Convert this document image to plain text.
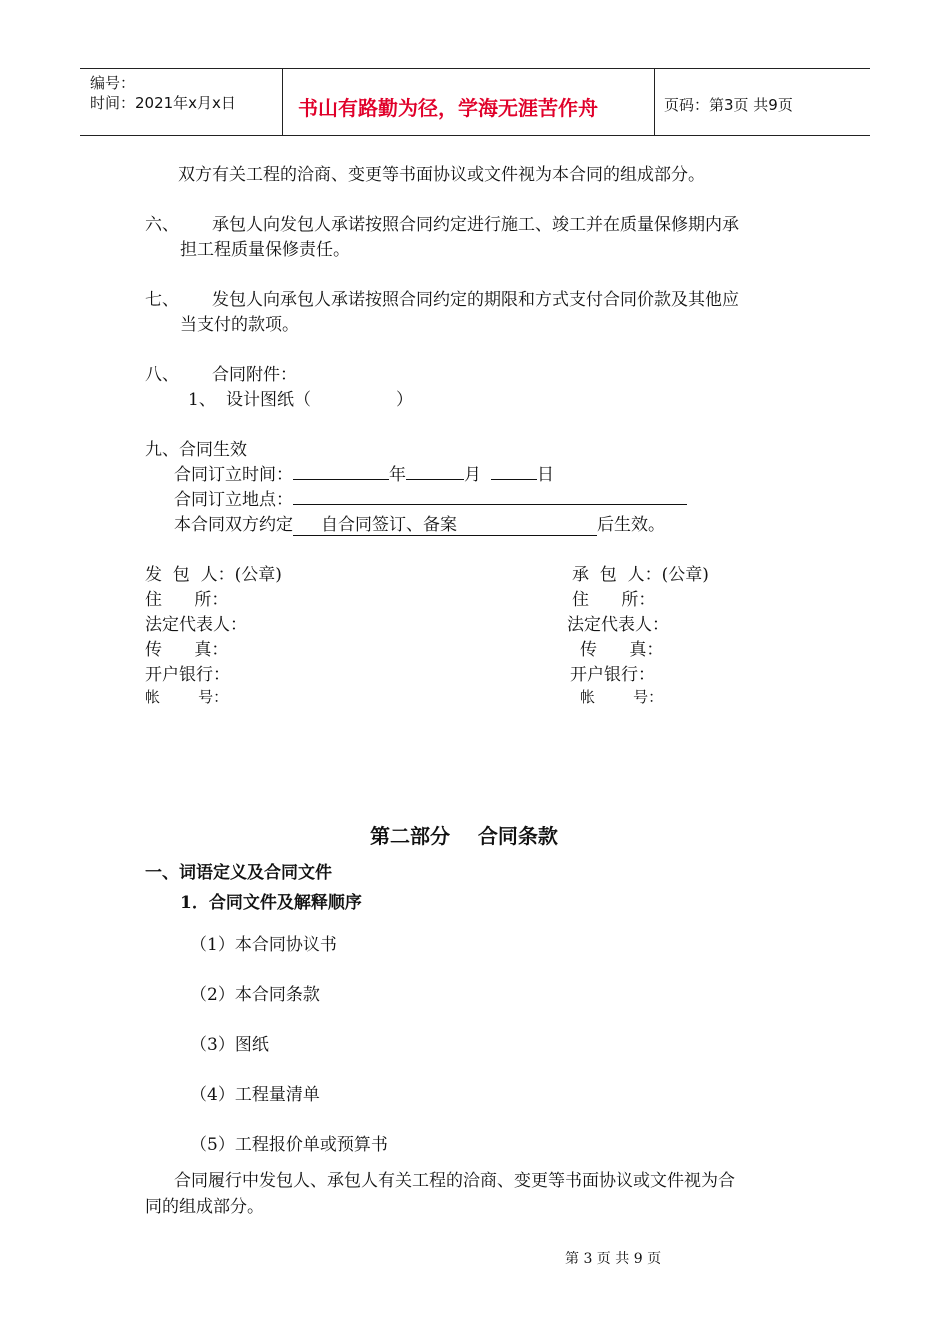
编号：
时间：2021年x月x日	书山有路勤为径，学海无涯苦作舟	页码：第3页 共9页
双方有关工程的洽商、变更等书面协议或文件视为本合同的组成部分。
六、 承包人向发包人承诺按照合同约定进行施工、竣工并在质量保修期内承
担工程质量保修责任。
七、 发包人向承包人承诺按照合同约定的期限和方式支付合同价款及其他应
当支付的款项。
八、 合同附件：
1、 设计图纸（	）
九、合同生效
合同订立时间：	年	月	日
合同订立地点：
本合同双方约定 自合同签订、备案	后生效。
发  包  人：(公章)
住      所：
法定代表人：
传      真：
开户银行：
帐        号：
承  包  人：(公章)
住      所：
法定代表人：
传      真：
开户银行：
帐        号：
第二部分    合同条款
一、词语定义及合同文件
1．合同文件及解释顺序
（1）本合同协议书
（2）本合同条款
（3）图纸
（4）工程量清单
（5）工程报价单或预算书
合同履行中发包人、承包人有关工程的洽商、变更等书面协议或文件视为合
同的组成部分。
第 3 页 共 9 页
